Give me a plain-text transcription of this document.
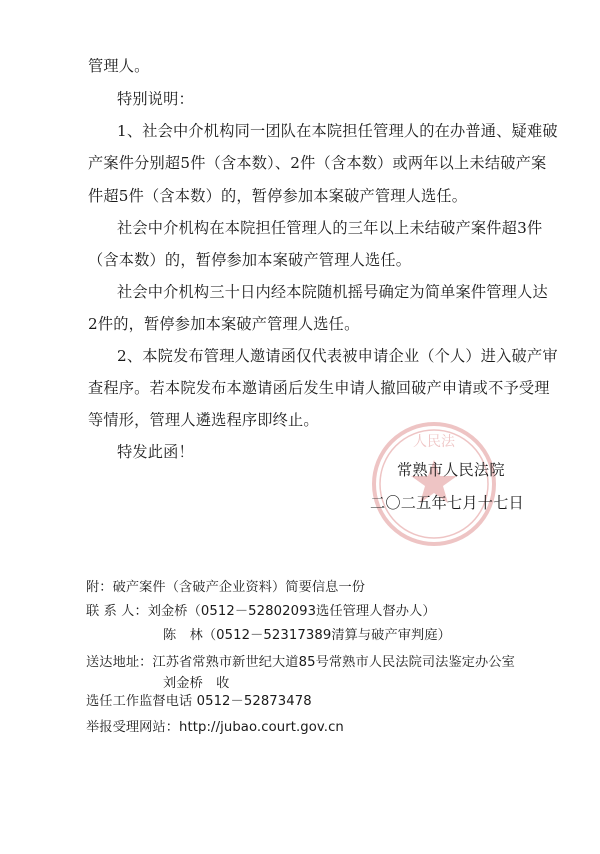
人民法
管理人。
特别说明：
1、社会中介机构同一团队在本院担任管理人的在办普通、疑难破
产案件分别超5件（含本数）、2件（含本数）或两年以上未结破产案
件超5件（含本数）的，暂停参加本案破产管理人选任。
社会中介机构在本院担任管理人的三年以上未结破产案件超3件
（含本数）的，暂停参加本案破产管理人选任。
社会中介机构三十日内经本院随机摇号确定为简单案件管理人达
2件的，暂停参加本案破产管理人选任。
2、本院发布管理人邀请函仅代表被申请企业（个人）进入破产审
查程序。若本院发布本邀请函后发生申请人撤回破产申请或不予受理
等情形，管理人遴选程序即终止。
特发此函！
常熟市人民法院
二〇二五年七月十七日
附：破产案件（含破产企业资料）简要信息一份
联 系 人：刘金桥（0512－52802093选任管理人督办人）
陈　林（0512－52317389清算与破产审判庭）
送达地址：江苏省常熟市新世纪大道85号常熟市人民法院司法鉴定办公室
刘金桥　收
选任工作监督电话 0512－52873478
举报受理网站：http://jubao.court.gov.cn
